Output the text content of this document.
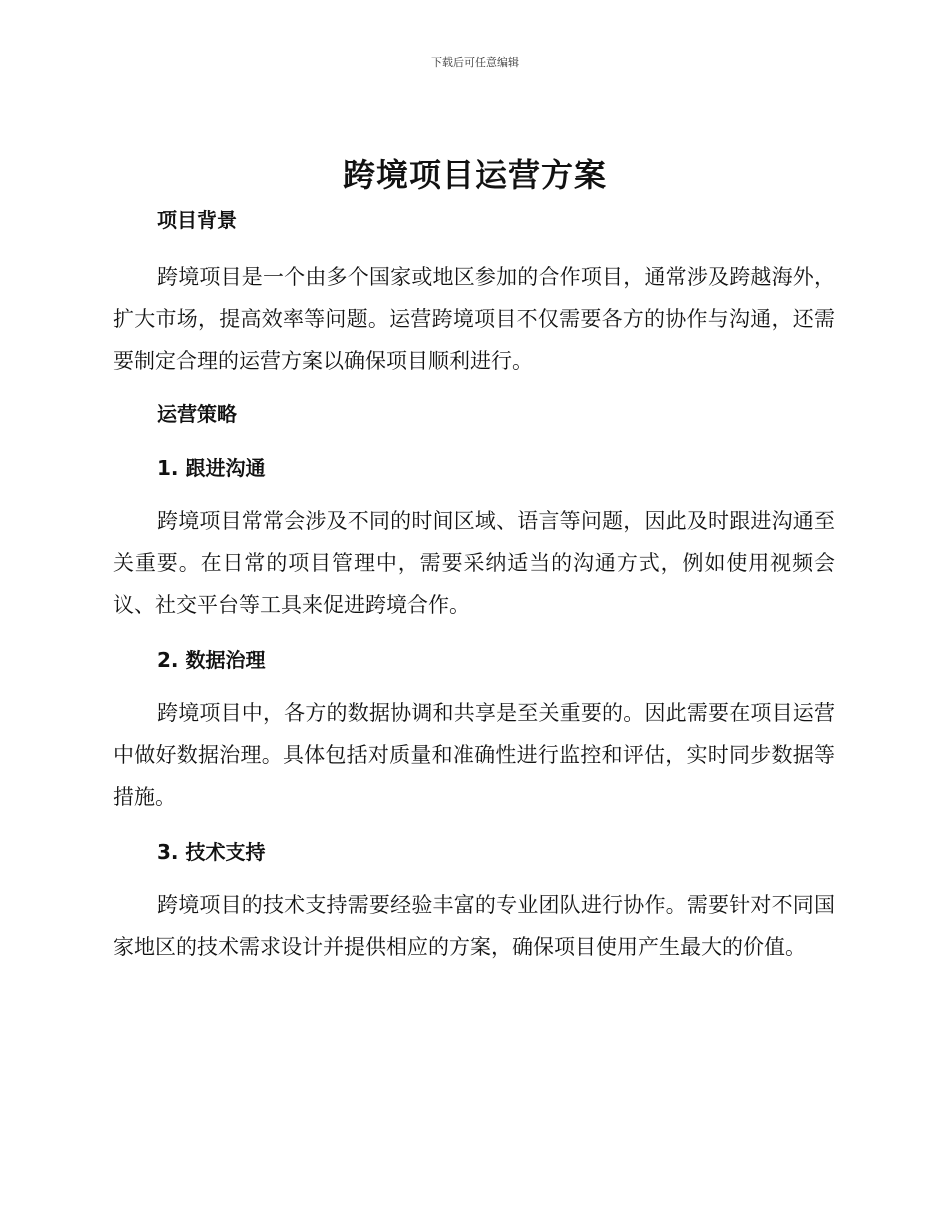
下载后可任意编辑
跨境项目运营方案
项目背景

跨境项目是一个由多个国家或地区参加的合作项目，通常涉及跨越海外，扩大市场，提高效率等问题。运营跨境项目不仅需要各方的协作与沟通，还需要制定合理的运营方案以确保项目顺利进行。

运营策略
1. 跟进沟通

跨境项目常常会涉及不同的时间区域、语言等问题，因此及时跟进沟通至关重要。在日常的项目管理中，需要采纳适当的沟通方式，例如使用视频会议、社交平台等工具来促进跨境合作。

2. 数据治理

跨境项目中，各方的数据协调和共享是至关重要的。因此需要在项目运营中做好数据治理。具体包括对质量和准确性进行监控和评估，实时同步数据等措施。

3. 技术支持

跨境项目的技术支持需要经验丰富的专业团队进行协作。需要针对不同国家地区的技术需求设计并提供相应的方案，确保项目使用产生最大的价值。
